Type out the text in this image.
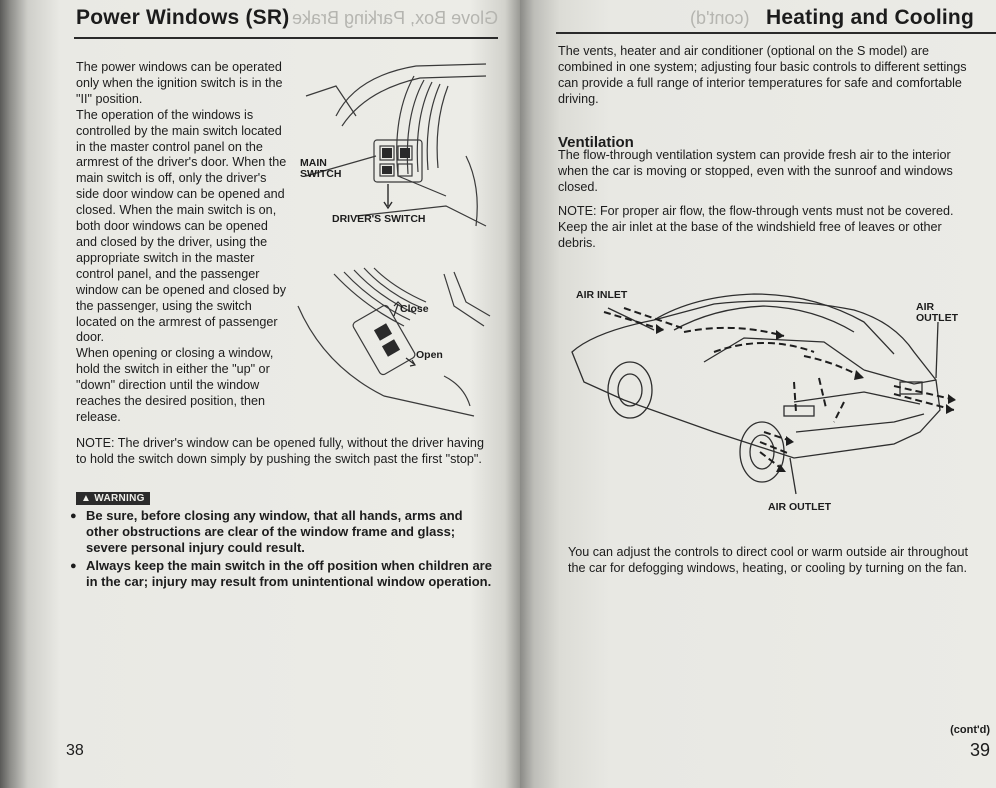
Glove Box, Parking Brake
Power Windows (SR)
The power windows can be operated only when the ignition switch is in the "II" position.
The operation of the windows is controlled by the main switch located in the master control panel on the armrest of the driver's door. When the main switch is off, only the driver's side door window can be opened and closed. When the main switch is on, both door windows can be opened and closed by the driver, using the appropriate switch in the master control panel, and the passenger window can be opened and closed by the passenger, using the switch located on the armrest of passenger door.
When opening or closing a window, hold the switch in either the "up" or "down" direction until the window reaches the desired position, then release.
MAIN SWITCH
DRIVER'S SWITCH
Close
Open
NOTE: The driver's window can be opened fully, without the driver having to hold the switch down simply by pushing the switch past the first "stop".
▲ WARNING
● Be sure, before closing any window, that all hands, arms and other obstructions are clear of the window frame and glass; severe personal injury could result.
● Always keep the main switch in the off position when children are in the car; injury may result from unintentional window operation.
38
(cont'd) Heating and Cooling
The vents, heater and air conditioner (optional on the S model) are combined in one system; adjusting four basic controls to different settings can provide a full range of interior temperatures for safe and comfortable driving.
Ventilation
The flow-through ventilation system can provide fresh air to the interior when the car is moving or stopped, even with the sunroof and windows closed.
NOTE: For proper air flow, the flow-through vents must not be covered. Keep the air inlet at the base of the windshield free of leaves or other debris.
AIR INLET
AIR OUTLET
AIR OUTLET
You can adjust the controls to direct cool or warm outside air throughout the car for defogging windows, heating, or cooling by turning on the fan.
(cont'd)
39
